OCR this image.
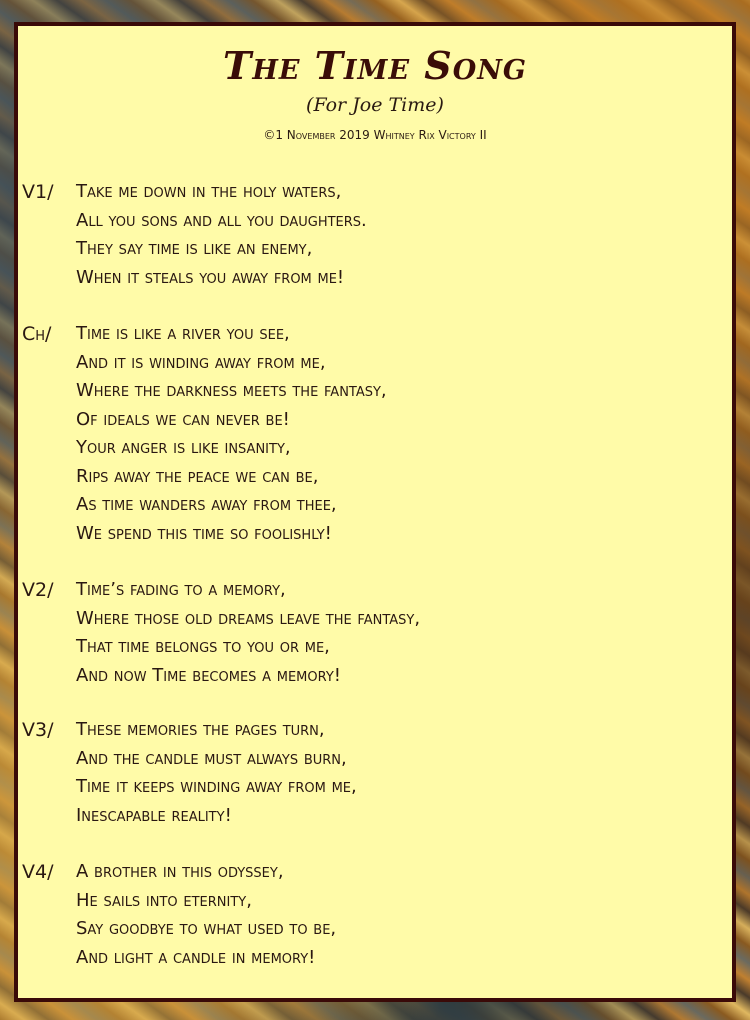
The Time Song
(For Joe Time)
©1 November 2019 Whitney Rix Victory II
V1/ Take me down in the holy waters,
All you sons and all you daughters.
They say time is like an enemy,
When it steals you away from me!
Ch/ Time is like a river you see,
And it is winding away from me,
Where the darkness meets the fantasy,
Of ideals we can never be!
Your anger is like insanity,
Rips away the peace we can be,
As time wanders away from thee,
We spend this time so foolishly!
V2/ Time’s fading to a memory,
Where those old dreams leave the fantasy,
That time belongs to you or me,
And now Time becomes a memory!
V3/ These memories the pages turn,
And the candle must always burn,
Time it keeps winding away from me,
Inescapable reality!
V4/ A brother in this odyssey,
He sails into eternity,
Say goodbye to what used to be,
And light a candle in memory!
